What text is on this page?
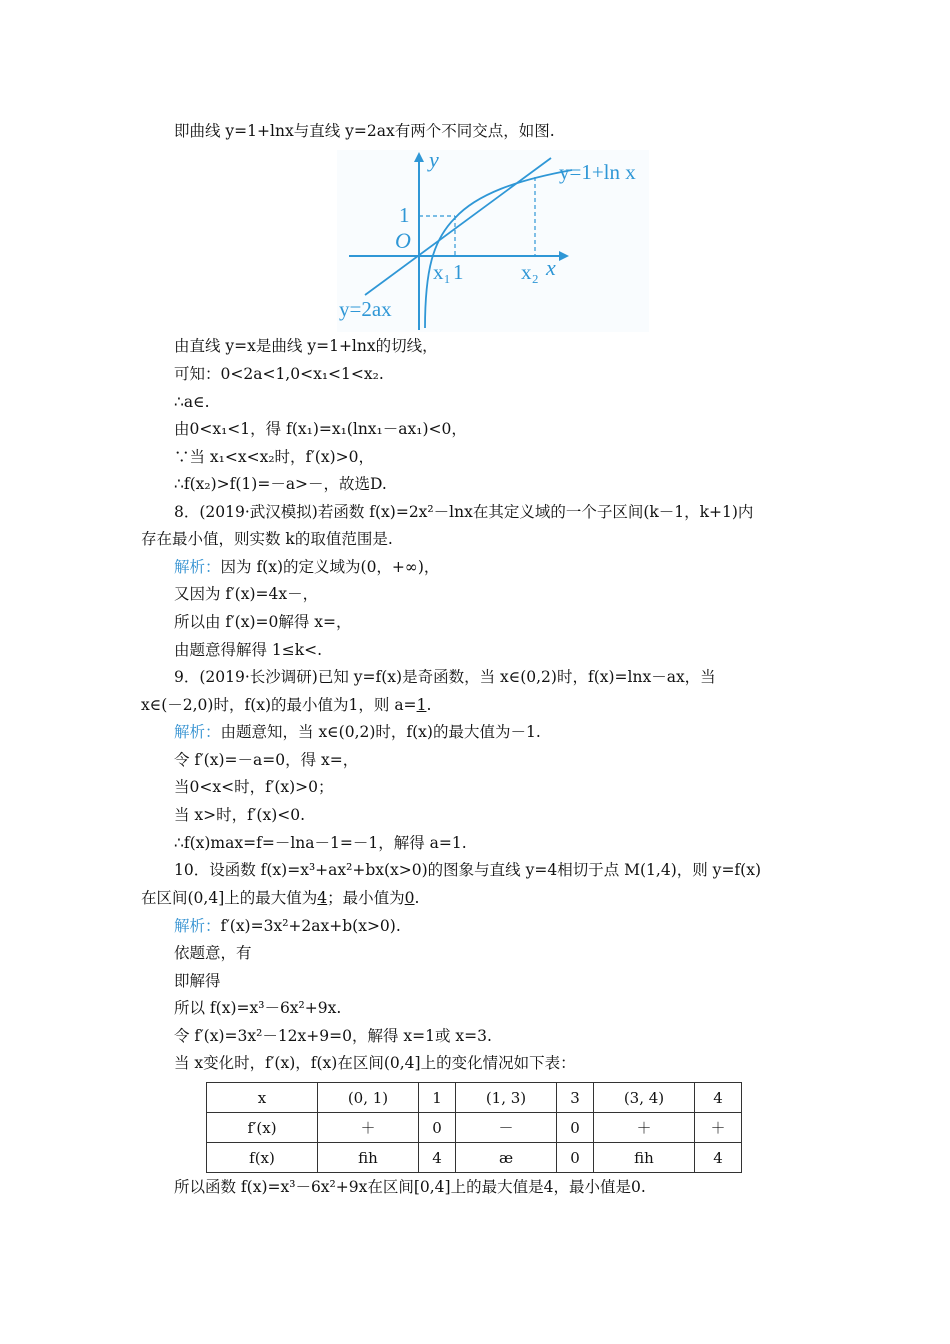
即曲线 y=1+lnx与直线 y=2ax有两个不同交点，如图.
y
x
O
1
x₁ 1	x₂
y=1+ln x
y=2ax
由直线 y=x是曲线 y=1+lnx的切线，
可知：0<2a<1,0<x₁<1<x₂.
∴a∈.
由0<x₁<1，得 f(x₁)=x₁(lnx₁－ax₁)<0，
∵当 x₁<x<x₂时，f′(x)>0，
∴f(x₂)>f(1)=－a>－，故选D.
8．(2019·武汉模拟)若函数 f(x)=2x²－lnx在其定义域的一个子区间(k－1，k+1)内
存在最小值，则实数 k的取值范围是.
解析：因为 f(x)的定义域为(0，+∞)，
又因为 f′(x)=4x－，
所以由 f′(x)=0解得 x=，
由题意得解得 1≤k<.
9．(2019·长沙调研)已知 y=f(x)是奇函数，当 x∈(0,2)时，f(x)=lnx－ax，当
x∈(－2,0)时，f(x)的最小值为1，则 a=1.
解析：由题意知，当 x∈(0,2)时，f(x)的最大值为－1.
令 f′(x)=－a=0，得 x=，
当0<x<时，f′(x)>0；
当 x>时，f′(x)<0.
∴f(x)max=f=－lna－1=－1，解得 a=1.
10．设函数 f(x)=x³+ax²+bx(x>0)的图象与直线 y=4相切于点 M(1,4)，则 y=f(x)
在区间(0,4]上的最大值为4；最小值为0.
解析：f′(x)=3x²+2ax+b(x>0).
依题意，有
即解得
所以 f(x)=x³－6x²+9x.
令 f′(x)=3x²－12x+9=0，解得 x=1或 x=3.
当 x变化时，f′(x)，f(x)在区间(0,4]上的变化情况如下表：
x	(0, 1)	1	(1, 3)	3	(3, 4)	4
f′(x)	＋	0	－	0	＋	＋
f(x)	ﬁh	4	æ	0	ﬁh	4
所以函数 f(x)=x³－6x²+9x在区间[0,4]上的最大值是4，最小值是0.
